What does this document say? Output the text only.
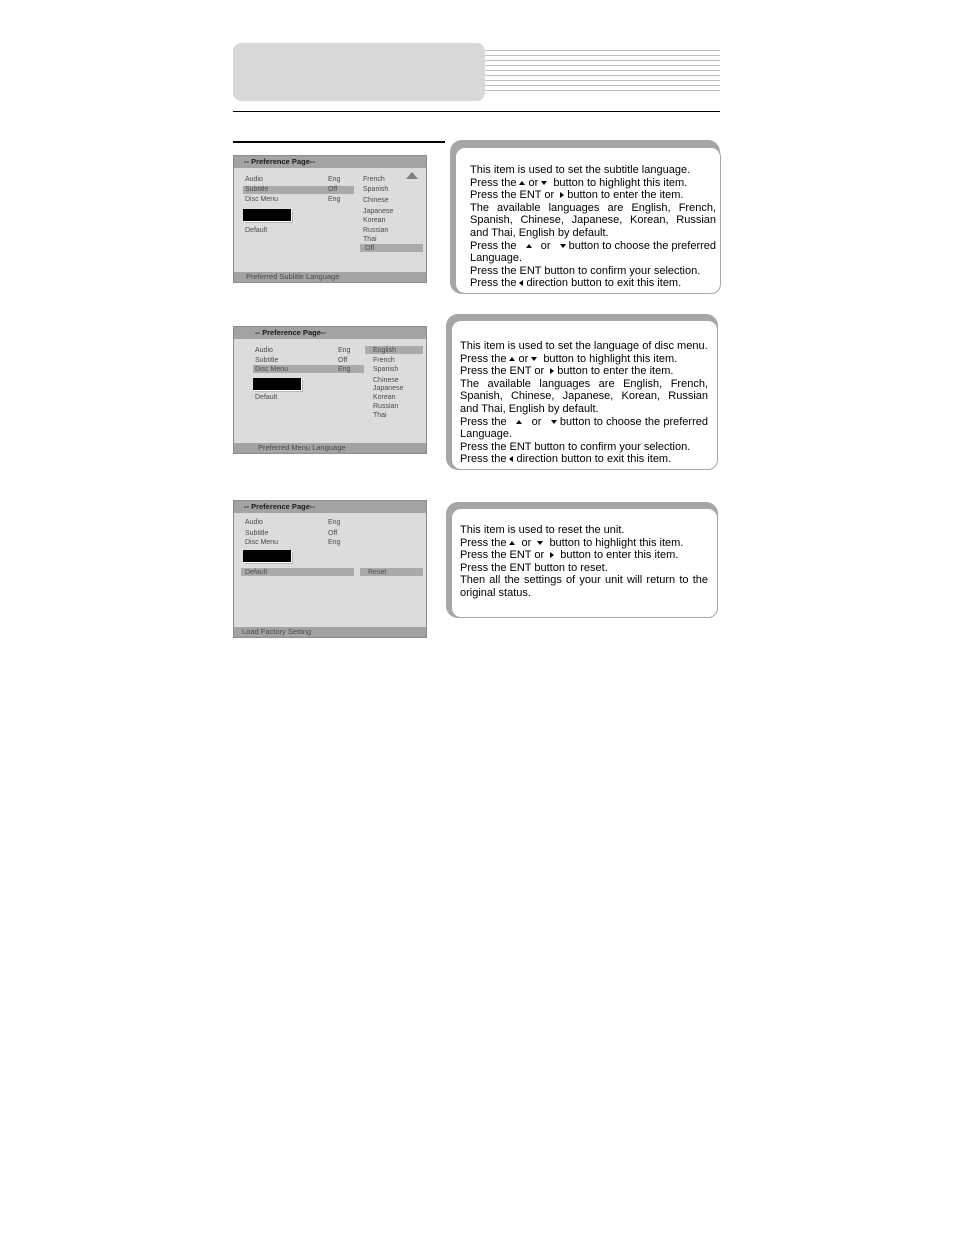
-- Preference Page--
Audio	Eng
Subtitle	Off
Disc Menu	Eng
Default
French
Spanish
Chinese
Japanese
Korean
Russian
Thai
Off
Preferred Sublitle Language

This item is used to set the subtitle language.

Press the or button to highlight this item.

Press the ENT or button to enter the item.

The available languages are English, French, Spanish, Chinese, Japanese, Korean, Russian and Thai, English by default.

Press the or button to choose the preferred Language.

Press the ENT button to confirm your selection.

Press the direction button to exit this item.

-- Preference Page--
Audio	Eng
Subtitle	Off
Disc Menu	Eng
Default
English
French
Spanish
Chinese
Japanese
Korean
Russian
Thai
Preferred Menu Language

This item is used to set the language of disc menu.

Press the or button to highlight this item.

Press the ENT or button to enter the item.

The available languages are English, French, Spanish, Chinese, Japanese, Korean, Russian and Thai, English by default.

Press the or button to choose the preferred Language.

Press the ENT button to confirm your selection.

Press the direction button to exit this item.

-- Preference Page--
Audio	Eng
Subtitle	Off
Disc Menu	Eng
Default	Reset
Load Factory Setting

This item is used to reset the unit.

Press the or button to highlight this item.

Press the ENT or button to enter this item.

Press the ENT button to reset.

Then all the settings of your unit will return to the original status.
